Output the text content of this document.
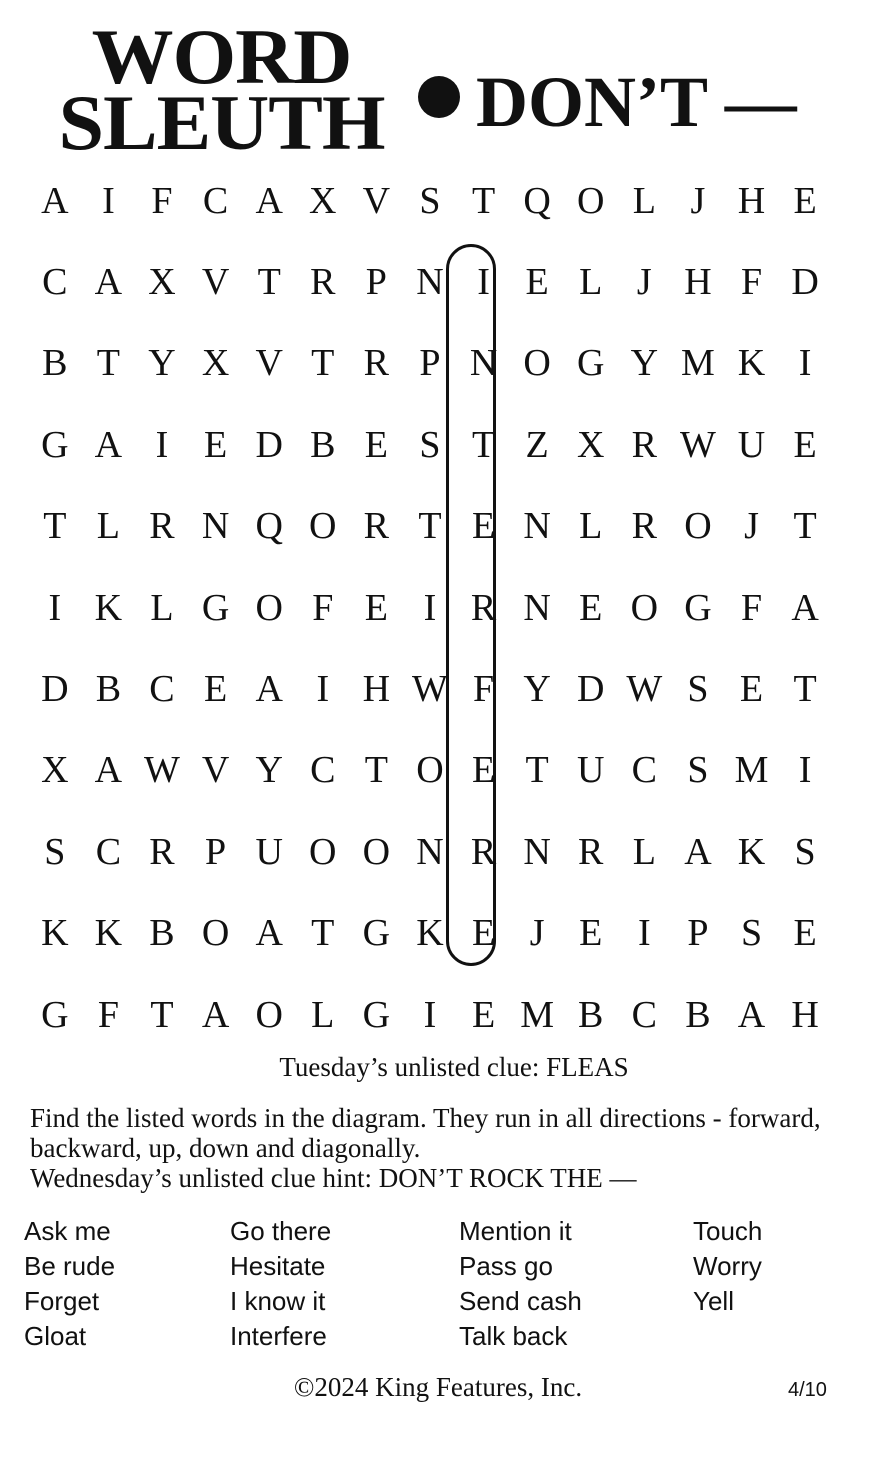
WORD
SLEUTH	DON’T —
A I F C A X V S T Q O L J H E
C A X V T R P N I E L J H F D
B T Y X V T R P N O G Y M K I
G A I E D B E S T Z X R W U E
T L R N Q O R T E N L R O J T
I K L G O F E I R N E O G F A
D B C E A I H W F Y D W S E T
X A W V Y C T O E T U C S M I
S C R P U O O N R N R L A K S
K K B O A T G K E J E I P S E
G F T A O L G I E M B C B A H
Tuesday’s unlisted clue: FLEAS
Find the listed words in the diagram. They run in all directions - forward, backward, up, down and diagonally.
Wednesday’s unlisted clue hint: DON’T ROCK THE —
Ask me
Be rude
Forget
Gloat
Go there
Hesitate
I know it
Interfere
Mention it
Pass go
Send cash
Talk back
Touch
Worry
Yell
©2024 King Features, Inc.	4/10
